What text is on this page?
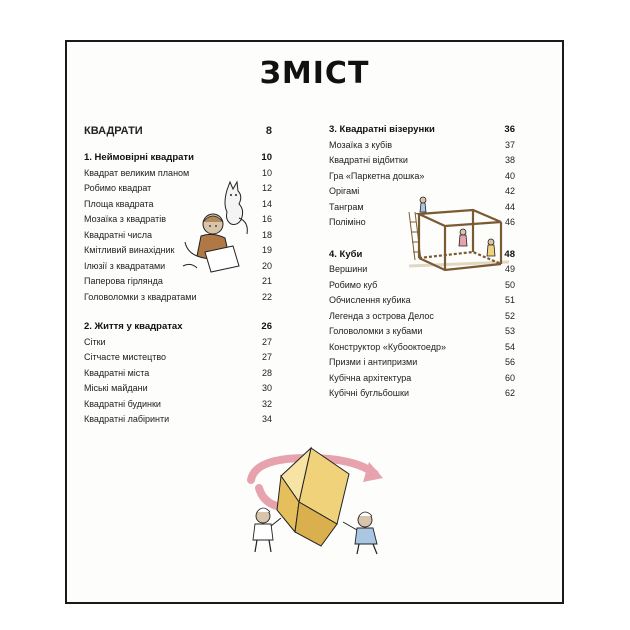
ЗМІСТ
КВАДРАТИ	8
1. Неймовірні квадрати	10
Квадрат великим планом	10
Робимо квадрат	12
Площа квадрата	14
Мозаїка з квадратів	16
Квадратні числа	18
Кмітливий винахідник	19
Ілюзії з квадратами	20
Паперова гірлянда	21
Головоломки з квадратами	22
2. Життя у квадратах	26
Сітки	27
Сітчасте мистецтво	27
Квадратні міста	28
Міські майдани	30
Квадратні будинки	32
Квадратні лабіринти	34
3. Квадратні візерунки	36
Мозаїка з кубів	37
Квадратні відбитки	38
Гра «Паркетна дошка»	40
Орігамі	42
Танграм	44
Поліміно	46
4. Куби	48
Вершини	49
Робимо куб	50
Обчислення кубика	51
Легенда з острова Делос	52
Головоломки з кубами	53
Конструктор «Кубооктоедр»	54
Призми і антипризми	56
Кубічна архітектура	60
Кубічні бугльбошки	62
